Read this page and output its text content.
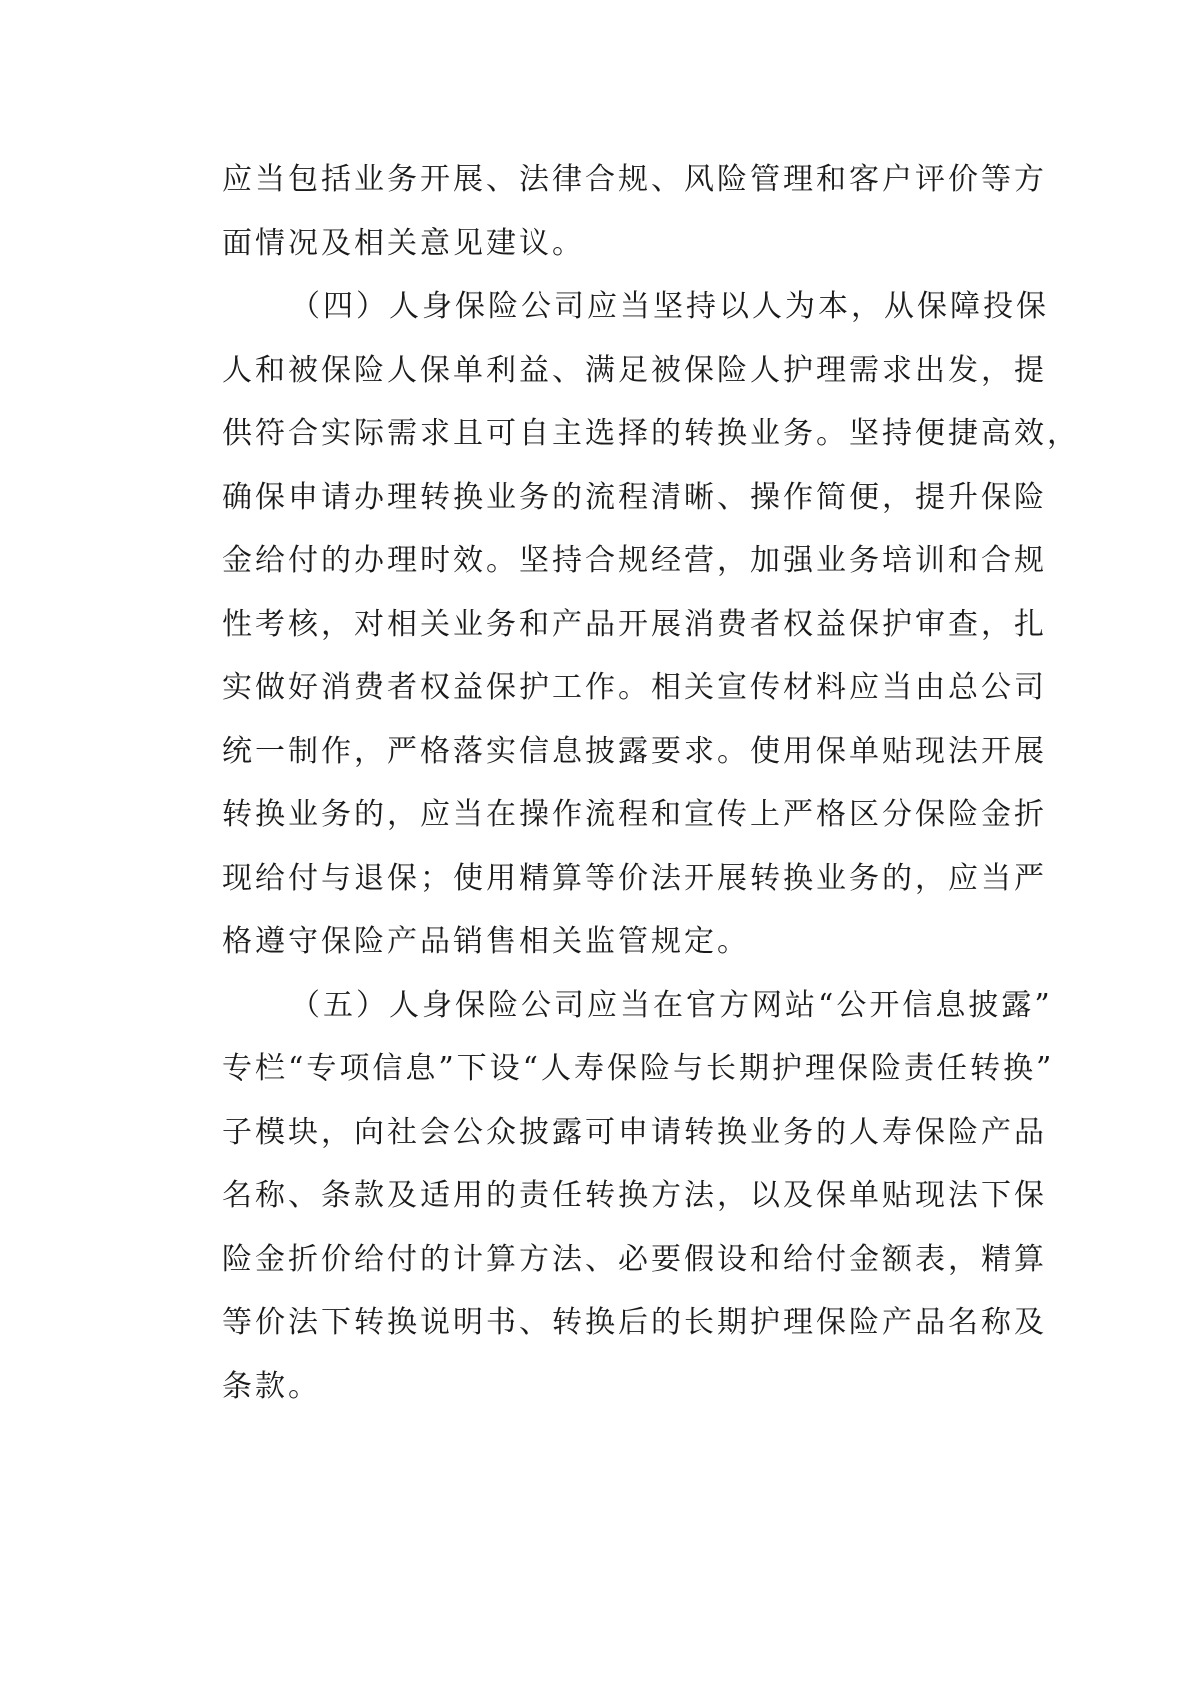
应当包括业务开展、法律合规、风险管理和客户评价等方
面情况及相关意见建议。
（四）人身保险公司应当坚持以人为本，从保障投保
人和被保险人保单利益、满足被保险人护理需求出发，提
供符合实际需求且可自主选择的转换业务。坚持便捷高效，
确保申请办理转换业务的流程清晰、操作简便，提升保险
金给付的办理时效。坚持合规经营，加强业务培训和合规
性考核，对相关业务和产品开展消费者权益保护审查，扎
实做好消费者权益保护工作。相关宣传材料应当由总公司
统一制作，严格落实信息披露要求。使用保单贴现法开展
转换业务的，应当在操作流程和宣传上严格区分保险金折
现给付与退保；使用精算等价法开展转换业务的，应当严
格遵守保险产品销售相关监管规定。
（五）人身保险公司应当在官方网站“公开信息披露”
专栏“专项信息”下设“人寿保险与长期护理保险责任转换”
子模块，向社会公众披露可申请转换业务的人寿保险产品
名称、条款及适用的责任转换方法，以及保单贴现法下保
险金折价给付的计算方法、必要假设和给付金额表，精算
等价法下转换说明书、转换后的长期护理保险产品名称及
条款。
